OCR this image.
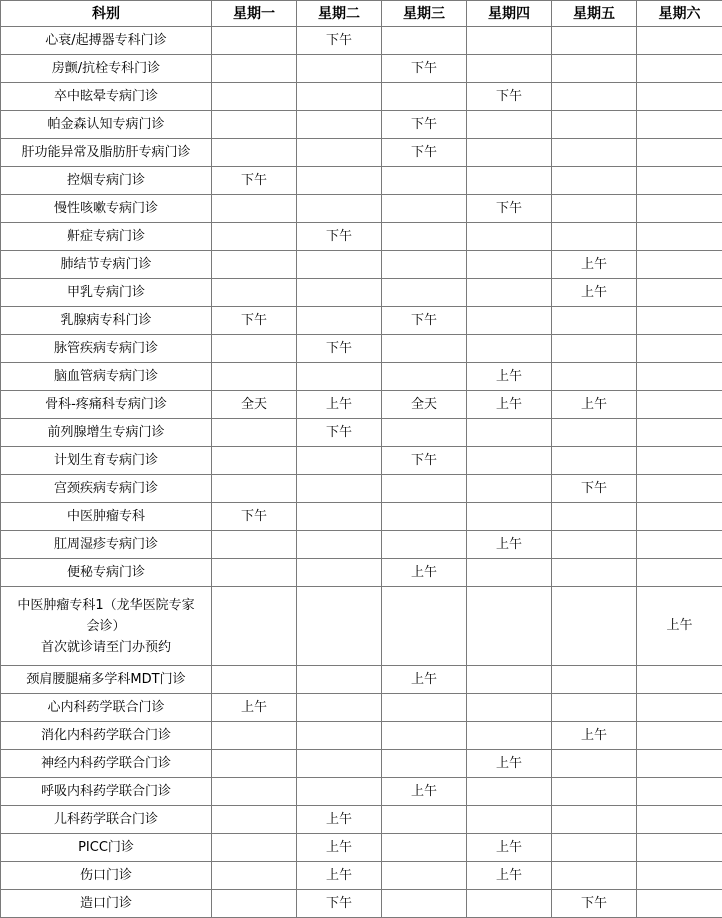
科别	星期一	星期二	星期三	星期四	星期五	星期六

心衰/起搏器专科门诊		下午				

房颤/抗栓专科门诊			下午			

卒中眩晕专病门诊				下午		

帕金森认知专病门诊			下午			

肝功能异常及脂肪肝专病门诊			下午			

控烟专病门诊	下午					

慢性咳嗽专病门诊				下午		

鼾症专病门诊		下午				

肺结节专病门诊					上午	

甲乳专病门诊					上午	

乳腺病专科门诊	下午		下午			

脉管疾病专病门诊		下午				

脑血管病专病门诊				上午		

骨科-疼痛科专病门诊	全天	上午	全天	上午	上午	

前列腺增生专病门诊		下午				

计划生育专病门诊			下午			

宫颈疾病专病门诊					下午	

中医肿瘤专科	下午					

肛周湿疹专病门诊				上午		

便秘专病门诊			上午			

中医肿瘤专科1（龙华医院专家
会诊）
首次就诊请至门办预约						上午

颈肩腰腿痛多学科MDT门诊			上午			

心内科药学联合门诊	上午					

消化内科药学联合门诊					上午	

神经内科药学联合门诊				上午		

呼吸内科药学联合门诊			上午			

儿科药学联合门诊		上午				

PICC门诊		上午		上午		

伤口门诊		上午		上午		

造口门诊		下午			下午	
